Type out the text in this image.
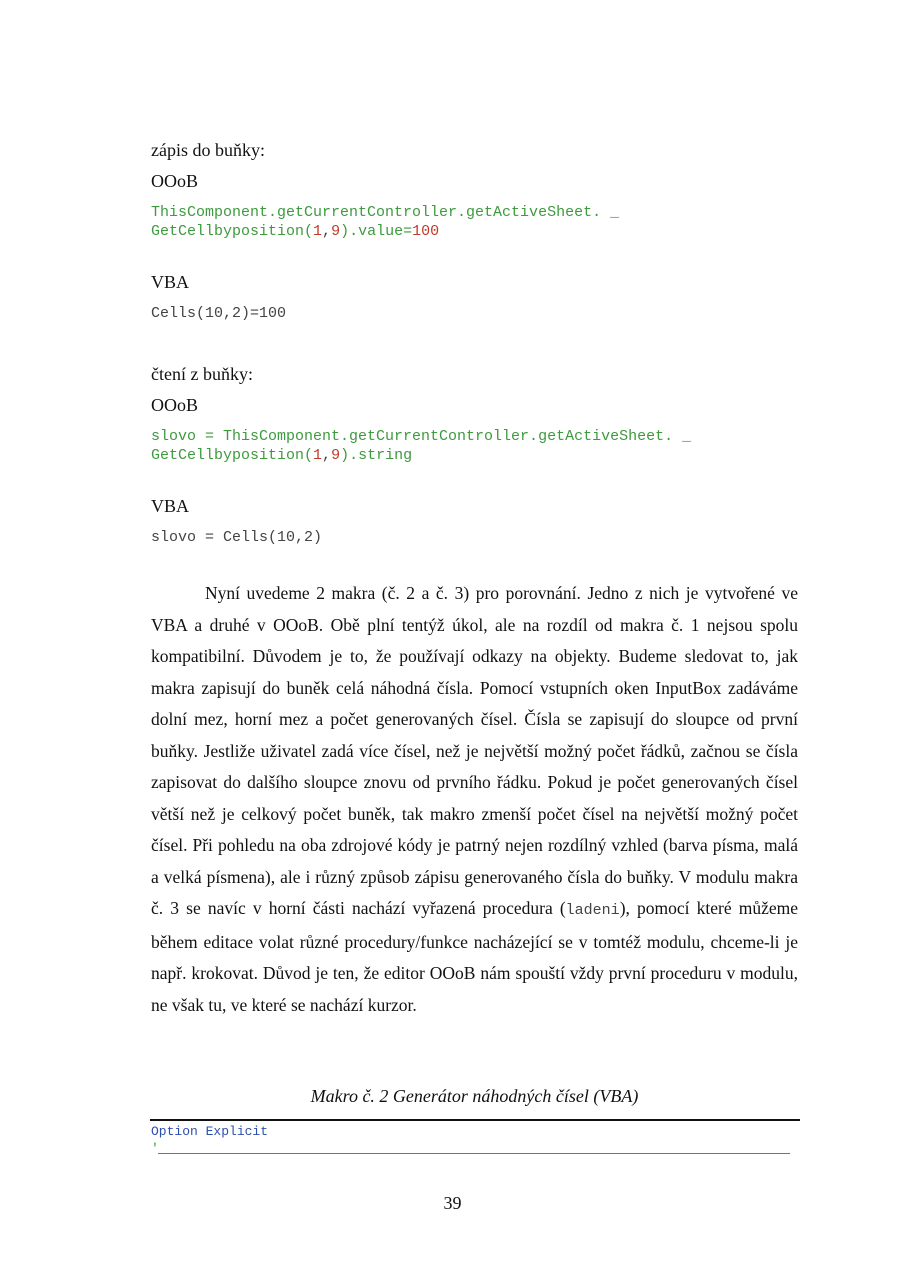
zápis do buňky:
OOoB
ThisComponent.getCurrentController.getActiveSheet. _
GetCellbyposition(1,9).value=100
VBA
Cells(10,2)=100
čtení z buňky:
OOoB
slovo = ThisComponent.getCurrentController.getActiveSheet. _
GetCellbyposition(1,9).string
VBA
slovo = Cells(10,2)

Nyní uvedeme 2 makra (č. 2 a č. 3) pro porovnání. Jedno z nich je vytvořené ve VBA a druhé v OOoB. Obě plní tentýž úkol, ale na rozdíl od makra č. 1 nejsou spolu kompatibilní. Důvodem je to, že používají odkazy na objekty. Budeme sledovat to, jak makra zapisují do buněk celá náhodná čísla. Pomocí vstupních oken InputBox zadáváme dolní mez, horní mez a počet generovaných čísel. Čísla se zapisují do sloupce od první buňky. Jestliže uživatel zadá více čísel, než je největší možný počet řádků, začnou se čísla zapisovat do dalšího sloupce znovu od prvního řádku. Pokud je počet generovaných čísel větší než je celkový počet buněk, tak makro zmenší počet čísel na největší možný počet čísel. Při pohledu na oba zdrojové kódy je patrný nejen rozdílný vzhled (barva písma, malá a velká písmena), ale i různý způsob zápisu generovaného čísla do buňky. V modulu makra č. 3 se navíc v horní části nachází vyřazená procedura (ladeni), pomocí které můžeme během editace volat různé procedury/funkce nacházející se v tomtéž modulu, chceme-li je např. krokovat. Důvod je ten, že editor OOoB nám spouští vždy první proceduru v modulu, ne však tu, ve které se nachází kurzor.

Makro č. 2 Generátor náhodných čísel (VBA)
Option Explicit
'
39
